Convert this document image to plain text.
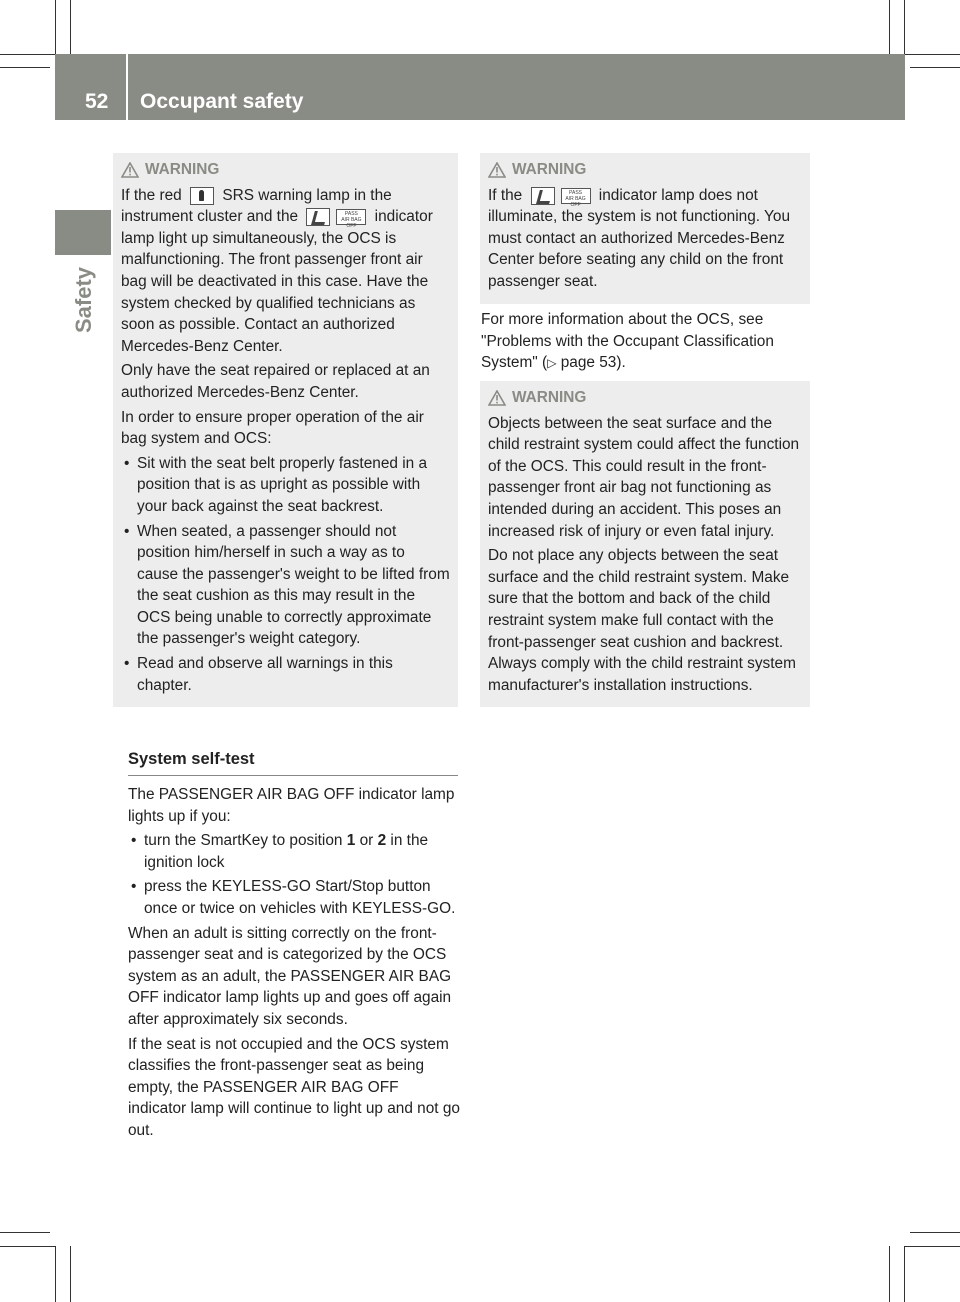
52 Occupant safety
Safety
WARNING

If the red	SRS warning lamp in the instrument cluster and the	PASS
AIR BAG OFF indicator lamp light up simultaneously, the OCS is malfunctioning. The front passenger front air bag will be deactivated in this case. Have the system checked by qualified technicians as soon as possible. Contact an authorized Mercedes-Benz Center.

Only have the seat repaired or replaced at an authorized Mercedes-Benz Center.

In order to ensure proper operation of the air bag system and OCS:

• Sit with the seat belt properly fastened in a position that is as upright as possible with your back against the seat backrest.
• When seated, a passenger should not position him/herself in such a way as to cause the passenger's weight to be lifted from the seat cushion as this may result in the OCS being unable to correctly approximate the passenger's weight category.
• Read and observe all warnings in this chapter.
System self-test

The PASSENGER AIR BAG OFF indicator lamp lights up if you:

• turn the SmartKey to position 1 or 2 in the ignition lock
• press the KEYLESS-GO Start/Stop button once or twice on vehicles with KEYLESS-GO.

When an adult is sitting correctly on the front-passenger seat and is categorized by the OCS system as an adult, the PASSENGER AIR BAG OFF indicator lamp lights up and goes off again after approximately six seconds.

If the seat is not occupied and the OCS system classifies the front-passenger seat as being empty, the PASSENGER AIR BAG OFF indicator lamp will continue to light up and not go out.

WARNING

If the	PASS
AIR BAG OFF indicator lamp does not illuminate, the system is not functioning. You must contact an authorized Mercedes-Benz Center before seating any child on the front passenger seat.

For more information about the OCS, see "Problems with the Occupant Classification System" (▷ page 53).
WARNING

Objects between the seat surface and the child restraint system could affect the function of the OCS. This could result in the front-passenger front air bag not functioning as intended during an accident. This poses an increased risk of injury or even fatal injury.

Do not place any objects between the seat surface and the child restraint system. Make sure that the bottom and back of the child restraint system make full contact with the front-passenger seat cushion and backrest. Always comply with the child restraint system manufacturer's installation instructions.
